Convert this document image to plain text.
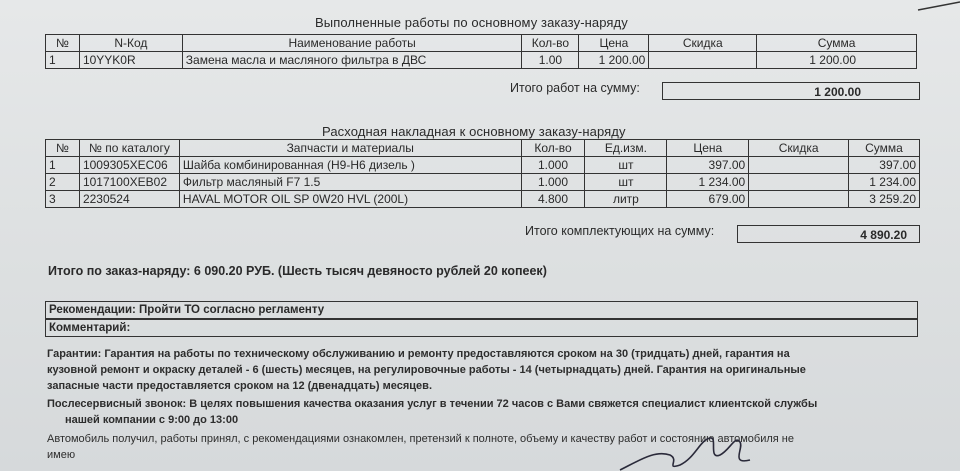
Выполненные работы по основному заказу-наряду
№	N-Код	Наименование работы	Кол-во	Цена	Скидка	Сумма
1	10YYK0R	Замена масла и масляного фильтра в ДВС	1.00	1 200.00		1 200.00
Итого работ на сумму:	1 200.00
Расходная накладная к основному заказу-наряду
№	№ по каталогу	Запчасти и материалы	Кол-во	Ед.изм.	Цена	Скидка	Сумма
1	1009305XEC06	Шайба комбинированная (H9-H6 дизель )	1.000	шт	397.00		397.00
2	1017100XEB02	Фильтр масляный F7 1.5	1.000	шт	1 234.00		1 234.00
3	2230524	HAVAL MOTOR OIL SP 0W20 HVL (200L)	4.800	литр	679.00		3 259.20
Итого комплектующих на сумму:	4 890.20
Итого по заказ-наряду: 6 090.20 РУБ. (Шесть тысяч девяносто рублей 20 копеек)
Рекомендации: Пройти ТО согласно регламенту
Комментарий:
Гарантии: Гарантия на работы по техническому обслуживанию и ремонту предоставляются сроком на 30 (тридцать) дней, гарантия на
кузовной ремонт и окраску деталей - 6 (шесть) месяцев, на регулировочные работы - 14 (четырнадцать) дней. Гарантия на оригинальные
запасные части предоставляется сроком на 12 (двенадцать) месяцев.
Послесервисный звонок: В целях повышения качества оказания услуг в течении 72 часов с Вами свяжется специалист клиентской службы
нашей компании с 9:00 до 13:00
Автомобиль получил, работы принял, с рекомендациями ознакомлен, претензий к полноте, объему и качеству работ и состоянию автомобиля не
имею
